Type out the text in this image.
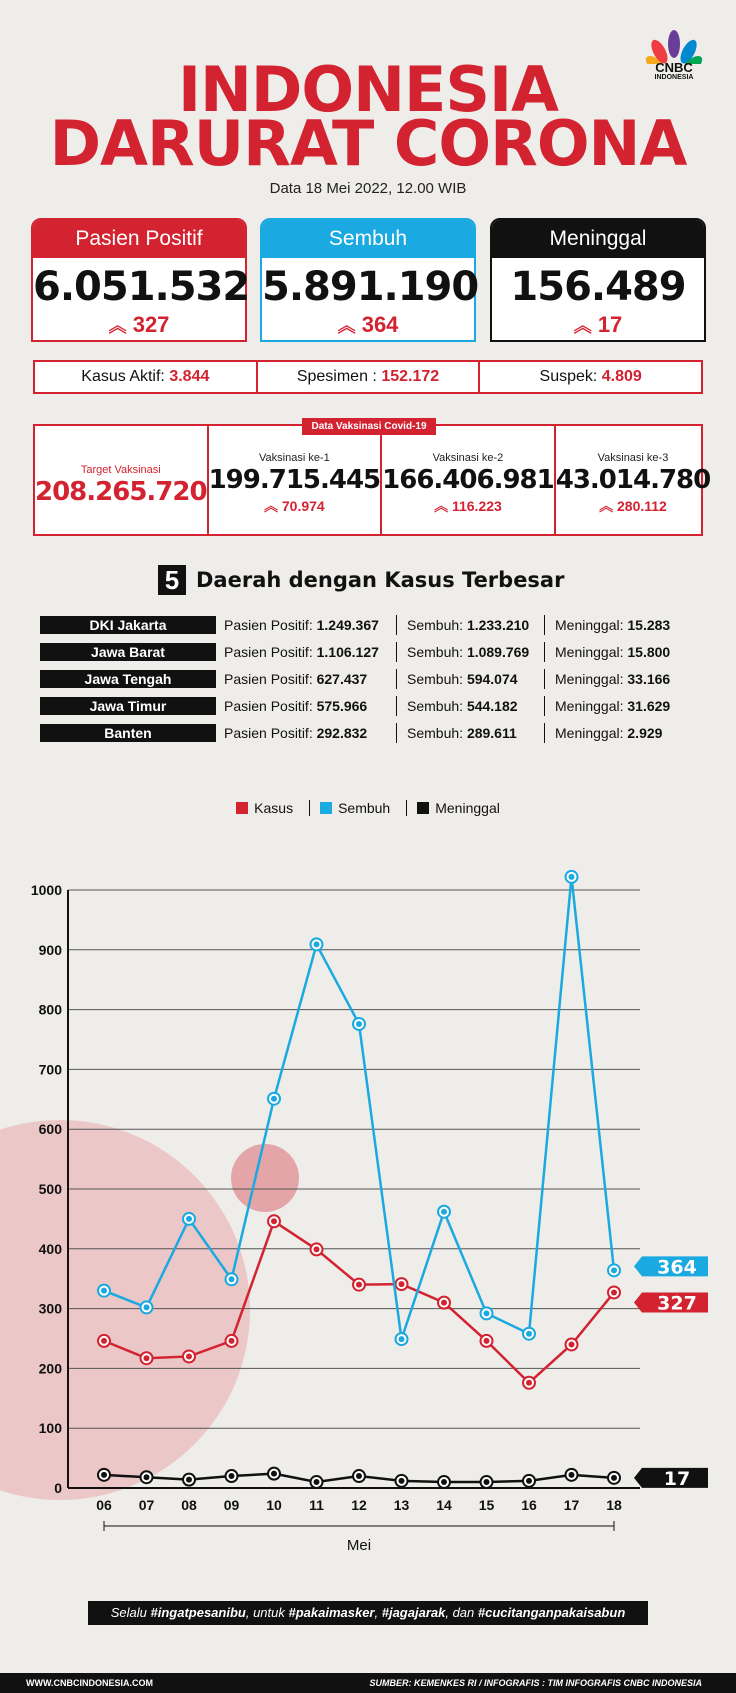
CNBC
INDONESIA
INDONESIA
DARURAT CORONA
Data 18 Mei 2022, 12.00 WIB
Pasien Positif
6.051.532
︽ 327
Sembuh
5.891.190
︽ 364
Meninggal
156.489
︽ 17
Kasus Aktif: 3.844	Spesimen : 152.172	Suspek: 4.809
Target Vaksinasi
208.265.720
Vaksinasi ke-1
199.715.445
︽ 70.974
Vaksinasi ke-2
166.406.981
︽ 116.223
Vaksinasi ke-3
43.014.780
︽ 280.112
Data Vaksinasi Covid-19
5 Daerah dengan Kasus Terbesar
DKI Jakarta	Pasien Positif: 1.249.367	Sembuh: 1.233.210	Meninggal: 15.283
Jawa Barat	Pasien Positif: 1.106.127	Sembuh: 1.089.769	Meninggal: 15.800
Jawa Tengah	Pasien Positif: 627.437	Sembuh: 594.074	Meninggal: 33.166
Jawa Timur	Pasien Positif: 575.966	Sembuh: 544.182	Meninggal: 31.629
Banten	Pasien Positif: 292.832	Sembuh: 289.611	Meninggal: 2.929
Kasus	Sembuh	Meninggal
0
100
200
300
400
500
600
700
800
900
1000
06 07 08 09 10 11 12 13 14 15 16 17 18
Mei
364
327
17
Selalu #ingatpesanibu, untuk #pakaimasker, #jagajarak, dan #cucitanganpakaisabun
WWW.CNBCINDONESIA.COM	SUMBER: KEMENKES RI / INFOGRAFIS : TIM INFOGRAFIS CNBC INDONESIA
